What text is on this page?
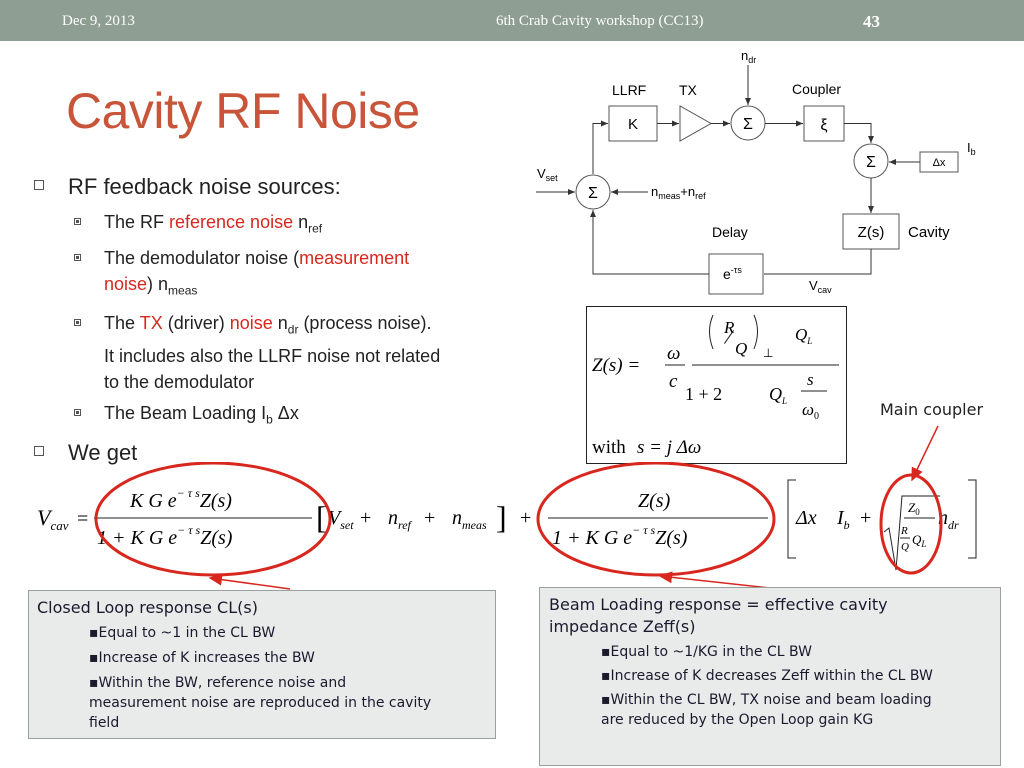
Dec 9, 2013	6th Crab Cavity workshop (CC13)	43
Cavity RF Noise
RF feedback noise sources:
The RF reference noise $n_{ref}$
The demodulator noise (measurement
noise) $n_{meas}$
The TX (driver) noise $n_{dr}$ (process noise).
It includes also the LLRF noise not related
to the demodulator
The Beam Loading $I_b$ Δx
We get
$n_{dr}$
LLRF TX	Coupler
K	Σ	ξ
Σ	Δx
$I_b$
Z(s) Cavity
Σ
$V_{set}$
$n_{meas}+n_{ref}$
Delay
$e^{-\tau s}$
$V_{cav}$
Z(s) =
ω
c
R
Q ⊥
$Q_L$
1 + 2	$Q_L$
s
$\omega_0$
with s = j Δω
Main coupler
$V_{cav}$ =
K G $e^{- \tau s}Z(s)$
1 + K G $e^{- \tau s}Z(s)$
[ $V_{set} + n_{ref} + n_{meas}$ ] +
Z(s)
1 + K G $e^{- \tau s}Z(s)$
Δx $I_b$ +	$Z_0$
R
Q $Q_L$
$n_{dr}$
Closed Loop response CL(s)
▪Equal to ~1 in the CL BW
▪Increase of K increases the BW
▪Within the BW, reference noise and
measurement noise are reproduced in the cavity
field
Beam Loading response = effective cavity
impedance Zeff(s)
▪Equal to ~1/KG in the CL BW
▪Increase of K decreases Zeff within the CL BW
▪Within the CL BW, TX noise and beam loading
are reduced by the Open Loop gain KG
